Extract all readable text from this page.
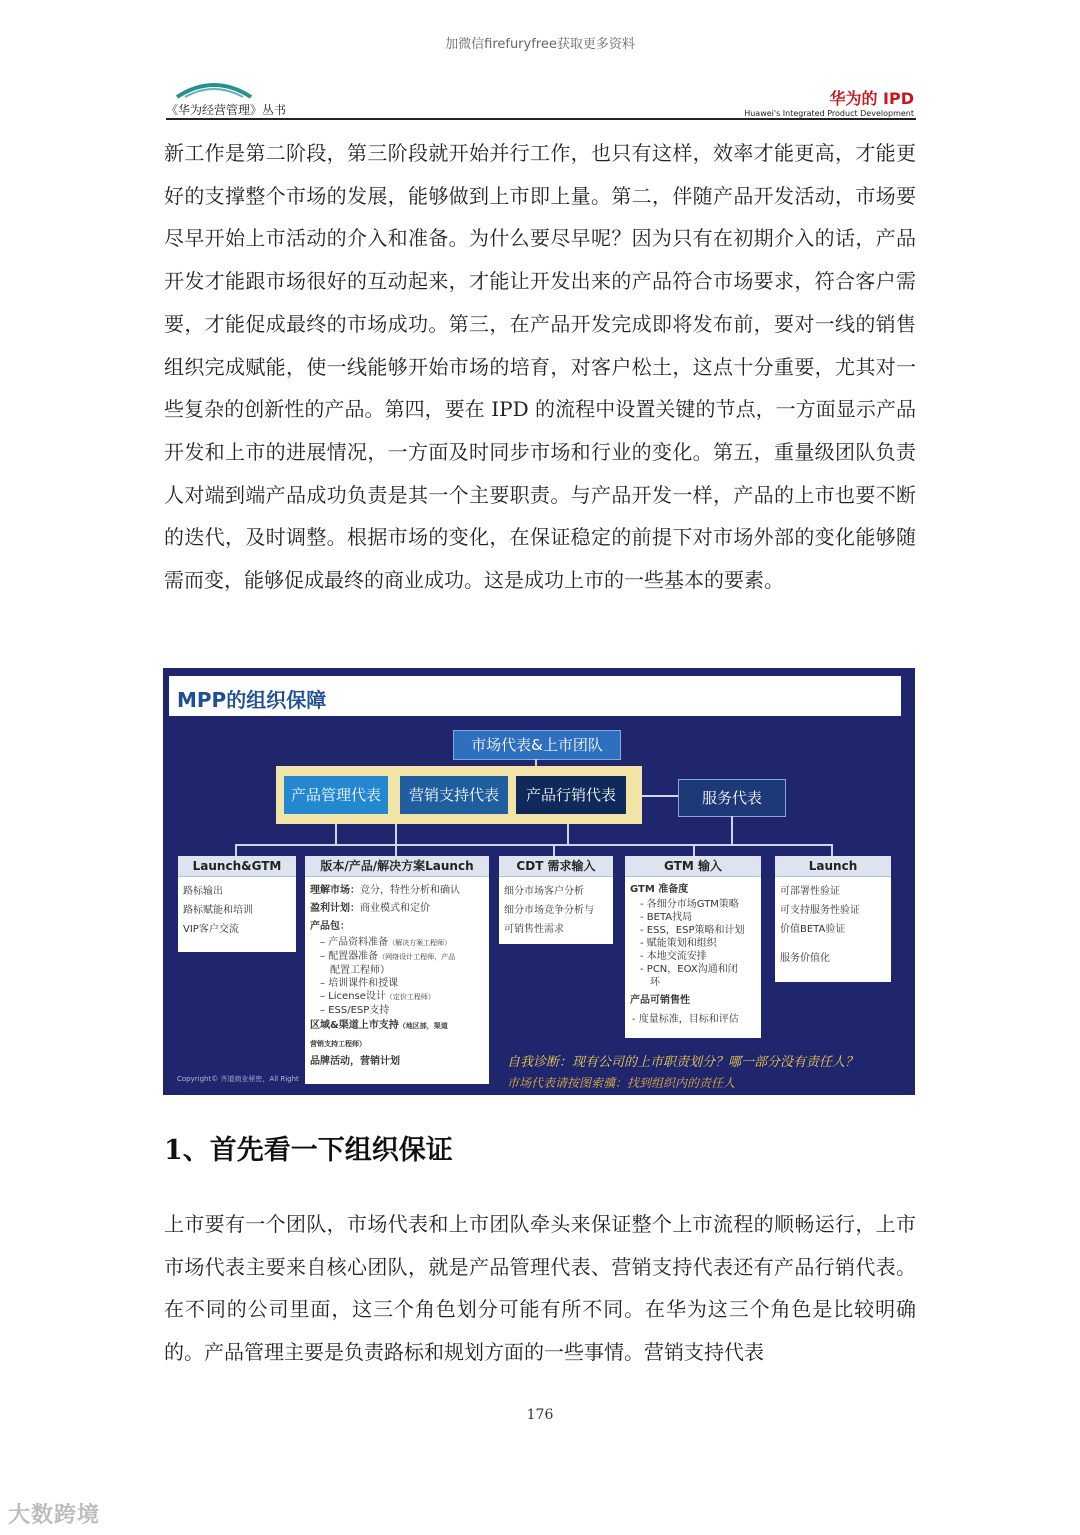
加微信firefuryfree获取更多资料
《华为经营管理》丛书
华为的 IPD
Huawei's Integrated Product Development

新工作是第二阶段，第三阶段就开始并行工作，也只有这样，效率才能更高，才能更好的支撑整个市场的发展，能够做到上市即上量。第二，伴随产品开发活动，市场要尽早开始上市活动的介入和准备。为什么要尽早呢？因为只有在初期介入的话，产品开发才能跟市场很好的互动起来，才能让开发出来的产品符合市场要求，符合客户需要，才能促成最终的市场成功。第三，在产品开发完成即将发布前，要对一线的销售组织完成赋能，使一线能够开始市场的培育，对客户松土，这点十分重要，尤其对一些复杂的创新性的产品。第四，要在 IPD 的流程中设置关键的节点，一方面显示产品开发和上市的进展情况，一方面及时同步市场和行业的变化。第五，重量级团队负责人对端到端产品成功负责是其一个主要职责。与产品开发一样，产品的上市也要不断的迭代，及时调整。根据市场的变化，在保证稳定的前提下对市场外部的变化能够随需而变，能够促成最终的商业成功。这是成功上市的一些基本的要素。

MPP的组织保障
市场代表&上市团队
产品管理代表	营销支持代表	产品行销代表	服务代表
Launch&GTM
路标输出
路标赋能和培训
VIP客户交流
版本/产品/解决方案Launch
理解市场：竞分，特性分析和确认
盈利计划：商业模式和定价
产品包：
– 产品资料准备（解决方案工程师）
– 配置器准备（网络设计工程师，产品
配置工程师）
– 培训课件和授课
– License设计（定价工程师）
– ESS/ESP支持
区域&渠道上市支持（地区部，渠道
营销支持工程师）
品牌活动，营销计划
CDT 需求输入
细分市场客户分析
细分市场竞争分析与
可销售性需求
GTM 输入
GTM 准备度
- 各细分市场GTM策略
- BETA找局
- ESS，ESP策略和计划
- 赋能策划和组织
- 本地交流安排
- PCN，EOX沟通和闭
环
产品可销售性
- 度量标准，目标和评估
Launch
可部署性验证
可支持服务性验证
价值BETA验证
服务价值化
Copyright© 齐道商业秘密，All Right
自我诊断：现有公司的上市职责划分？哪一部分没有责任人？
市场代表请按图索骥：找到组织内的责任人
1、首先看一下组织保证

上市要有一个团队，市场代表和上市团队牵头来保证整个上市流程的顺畅运行，上市市场代表主要来自核心团队，就是产品管理代表、营销支持代表还有产品行销代表。在不同的公司里面，这三个角色划分可能有所不同。在华为这三个角色是比较明确的。产品管理主要是负责路标和规划方面的一些事情。营销支持代表

176
大数跨境
